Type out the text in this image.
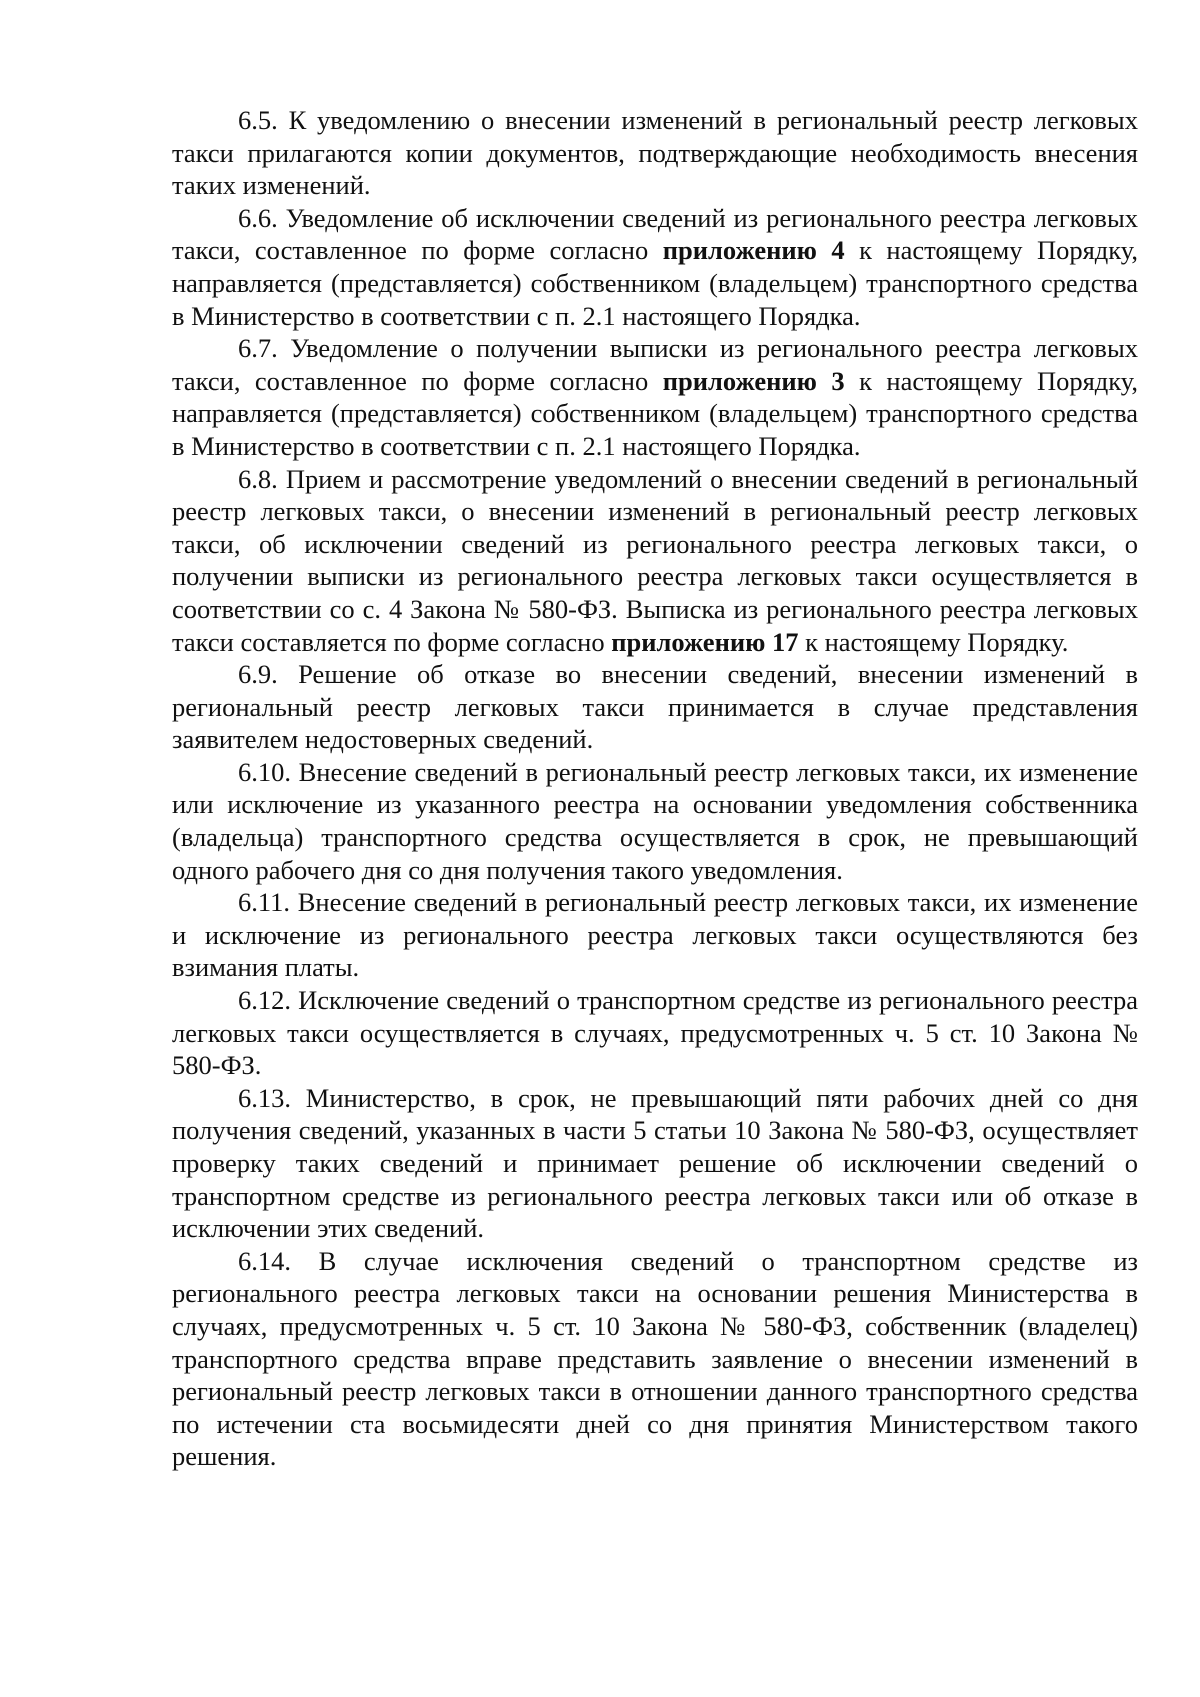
6.5. К уведомлению о внесении изменений в региональный реестр легковых такси прилагаются копии документов, подтверждающие необходимость внесения таких изменений.

6.6. Уведомление об исключении сведений из регионального реестра легковых такси, составленное по форме согласно приложению 4 к настоящему Порядку, направляется (представляется) собственником (владельцем) транспортного средства в Министерство в соответствии с п. 2.1 настоящего Порядка.

6.7. Уведомление о получении выписки из регионального реестра легковых такси, составленное по форме согласно приложению 3 к настоящему Порядку, направляется (представляется) собственником (владельцем) транспортного средства в Министерство в соответствии с п. 2.1 настоящего Порядка.

6.8. Прием и рассмотрение уведомлений о внесении сведений в региональный реестр легковых такси, о внесении изменений в региональный реестр легковых такси, об исключении сведений из регионального реестра легковых такси, о получении выписки из регионального реестра легковых такси осуществляется в соответствии со с. 4 Закона № 580-ФЗ. Выписка из регионального реестра легковых такси составляется по форме согласно приложению 17 к настоящему Порядку.

6.9. Решение об отказе во внесении сведений, внесении изменений в региональный реестр легковых такси принимается в случае представления заявителем недостоверных сведений.

6.10. Внесение сведений в региональный реестр легковых такси, их изменение или исключение из указанного реестра на основании уведомления собственника (владельца) транспортного средства осуществляется в срок, не превышающий одного рабочего дня со дня получения такого уведомления.

6.11. Внесение сведений в региональный реестр легковых такси, их изменение и исключение из регионального реестра легковых такси осуществляются без взимания платы.

6.12. Исключение сведений о транспортном средстве из регионального реестра легковых такси осуществляется в случаях, предусмотренных ч. 5 ст. 10 Закона № 580-ФЗ.

6.13. Министерство, в срок, не превышающий пяти рабочих дней со дня получения сведений, указанных в части 5 статьи 10 Закона № 580-ФЗ, осуществляет проверку таких сведений и принимает решение об исключении сведений о транспортном средстве из регионального реестра легковых такси или об отказе в исключении этих сведений.

6.14. В случае исключения сведений о транспортном средстве из регионального реестра легковых такси на основании решения Министерства в случаях, предусмотренных ч. 5 ст. 10 Закона № 580-ФЗ, собственник (владелец) транспортного средства вправе представить заявление о внесении изменений в региональный реестр легковых такси в отношении данного транспортного средства по истечении ста восьмидесяти дней со дня принятия Министерством такого решения.
